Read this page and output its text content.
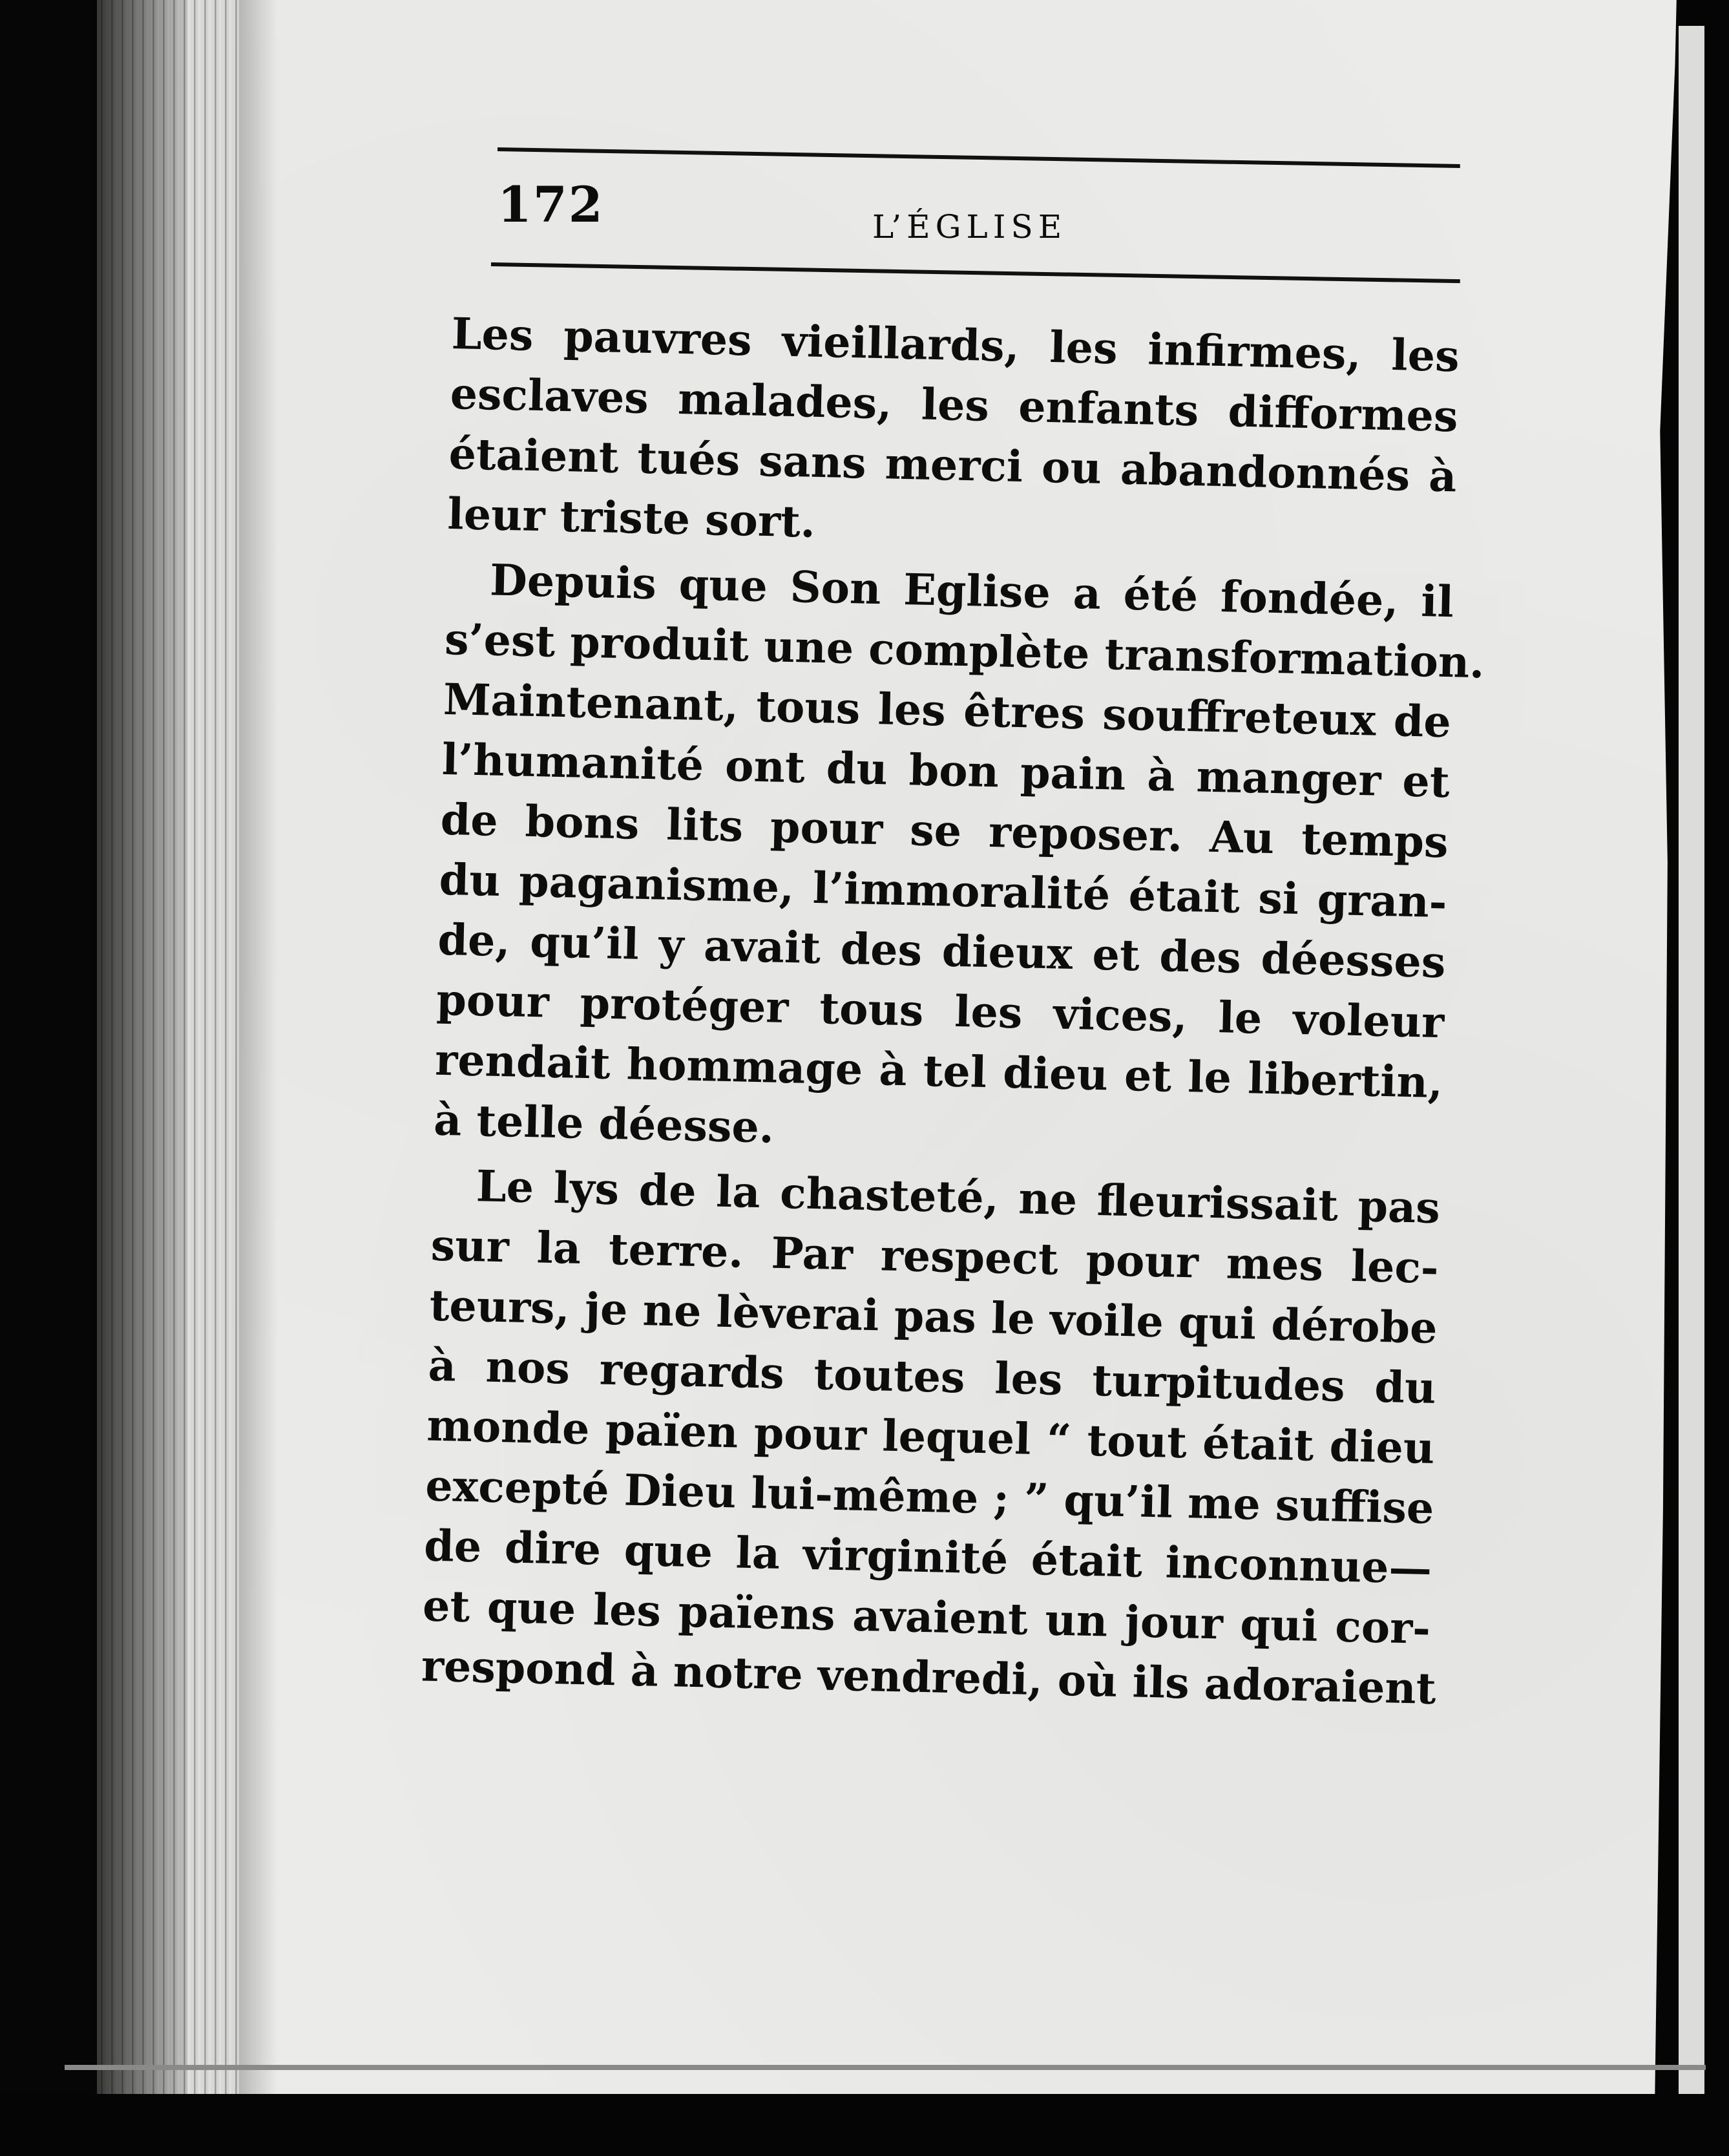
172	L’ÉGLISE

Les pauvres vieillards, les infirmes, les
esclaves malades, les enfants difformes
étaient tués sans merci ou abandonnés à
leur triste sort.

Depuis que Son Eglise a été fondée, il
s’est produit une complète transformation.
Maintenant, tous les êtres souffreteux de
l’humanité ont du bon pain à manger et
de bons lits pour se reposer. Au temps
du paganisme, l’immoralité était si gran-
de, qu’il y avait des dieux et des déesses
pour protéger tous les vices, le voleur
rendait hommage à tel dieu et le libertin,
à telle déesse.

Le lys de la chasteté, ne fleurissait pas
sur la terre. Par respect pour mes lec-
teurs, je ne lèverai pas le voile qui dérobe
à nos regards toutes les turpitudes du
monde païen pour lequel “ tout était dieu
excepté Dieu lui-même ; ” qu’il me suffise
de dire que la virginité était inconnue—
et que les païens avaient un jour qui cor-
respond à notre vendredi, où ils adoraient
